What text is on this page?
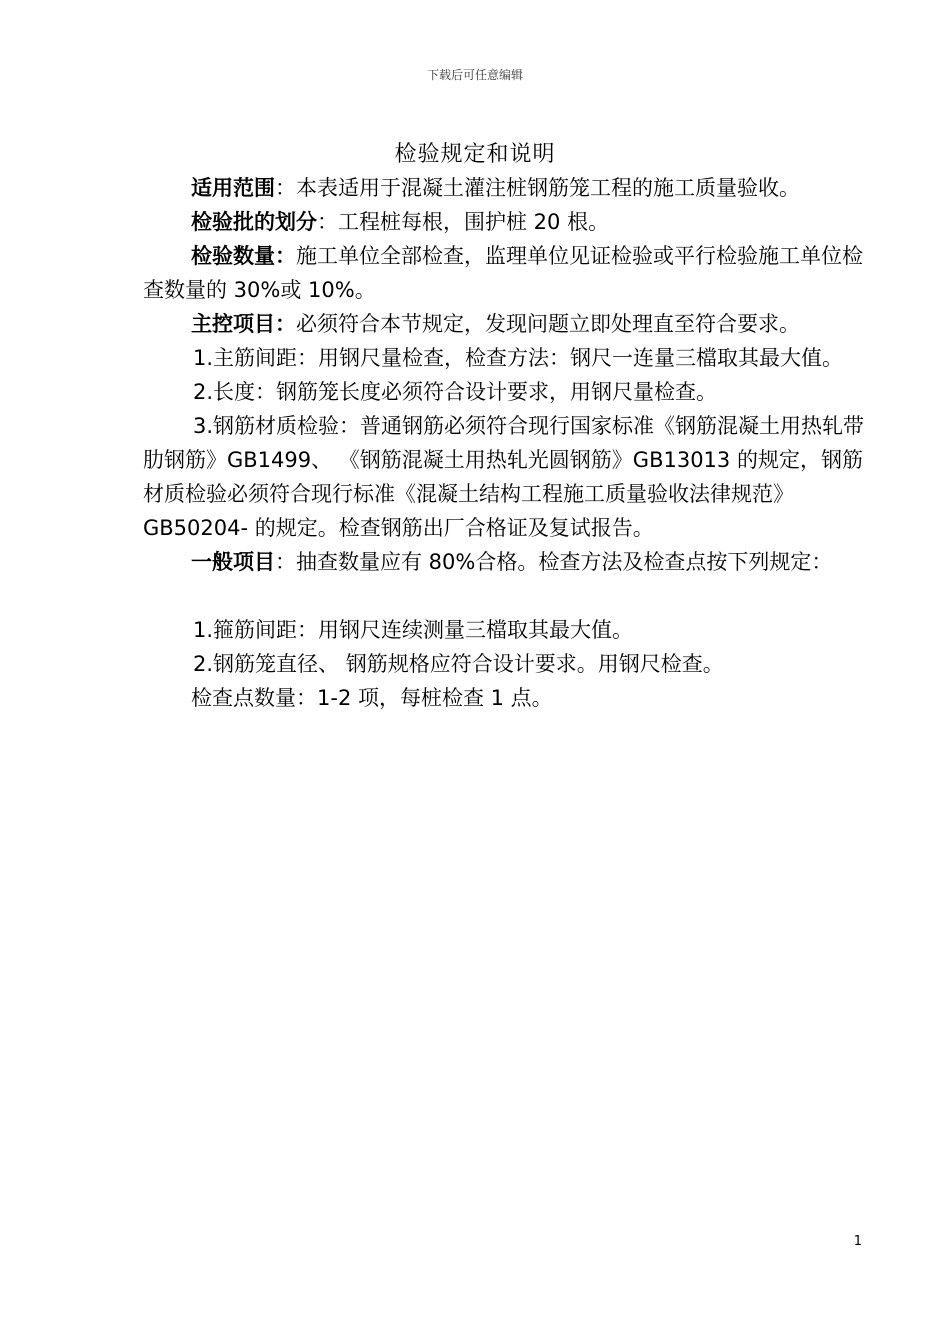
下载后可任意编辑
检验规定和说明

适用范围：本表适用于混凝土灌注桩钢筋笼工程的施工质量验收。

检验批的划分：工程桩每根，围护桩 20 根。

检验数量：施工单位全部检查，监理单位见证检验或平行检验施工单位检查数量的 30%或 10%。

主控项目：必须符合本节规定，发现问题立即处理直至符合要求。

1.主筋间距：用钢尺量检查，检查方法：钢尺一连量三檔取其最大值。

2.长度：钢筋笼长度必须符合设计要求，用钢尺量检查。

3.钢筋材质检验：普通钢筋必须符合现行国家标准《钢筋混凝土用热轧带肋钢筋》GB1499、 《钢筋混凝土用热轧光圆钢筋》GB13013 的规定，钢筋材质检验必须符合现行标准《混凝土结构工程施工质量验收法律规范》GB50204- 的规定。检查钢筋出厂合格证及复试报告。

一般项目：抽查数量应有 80%合格。检查方法及检查点按下列规定：

1.箍筋间距：用钢尺连续测量三檔取其最大值。

2.钢筋笼直径、 钢筋规格应符合设计要求。用钢尺检查。

检查点数量：1-2 项，每桩检查 1 点。

1
